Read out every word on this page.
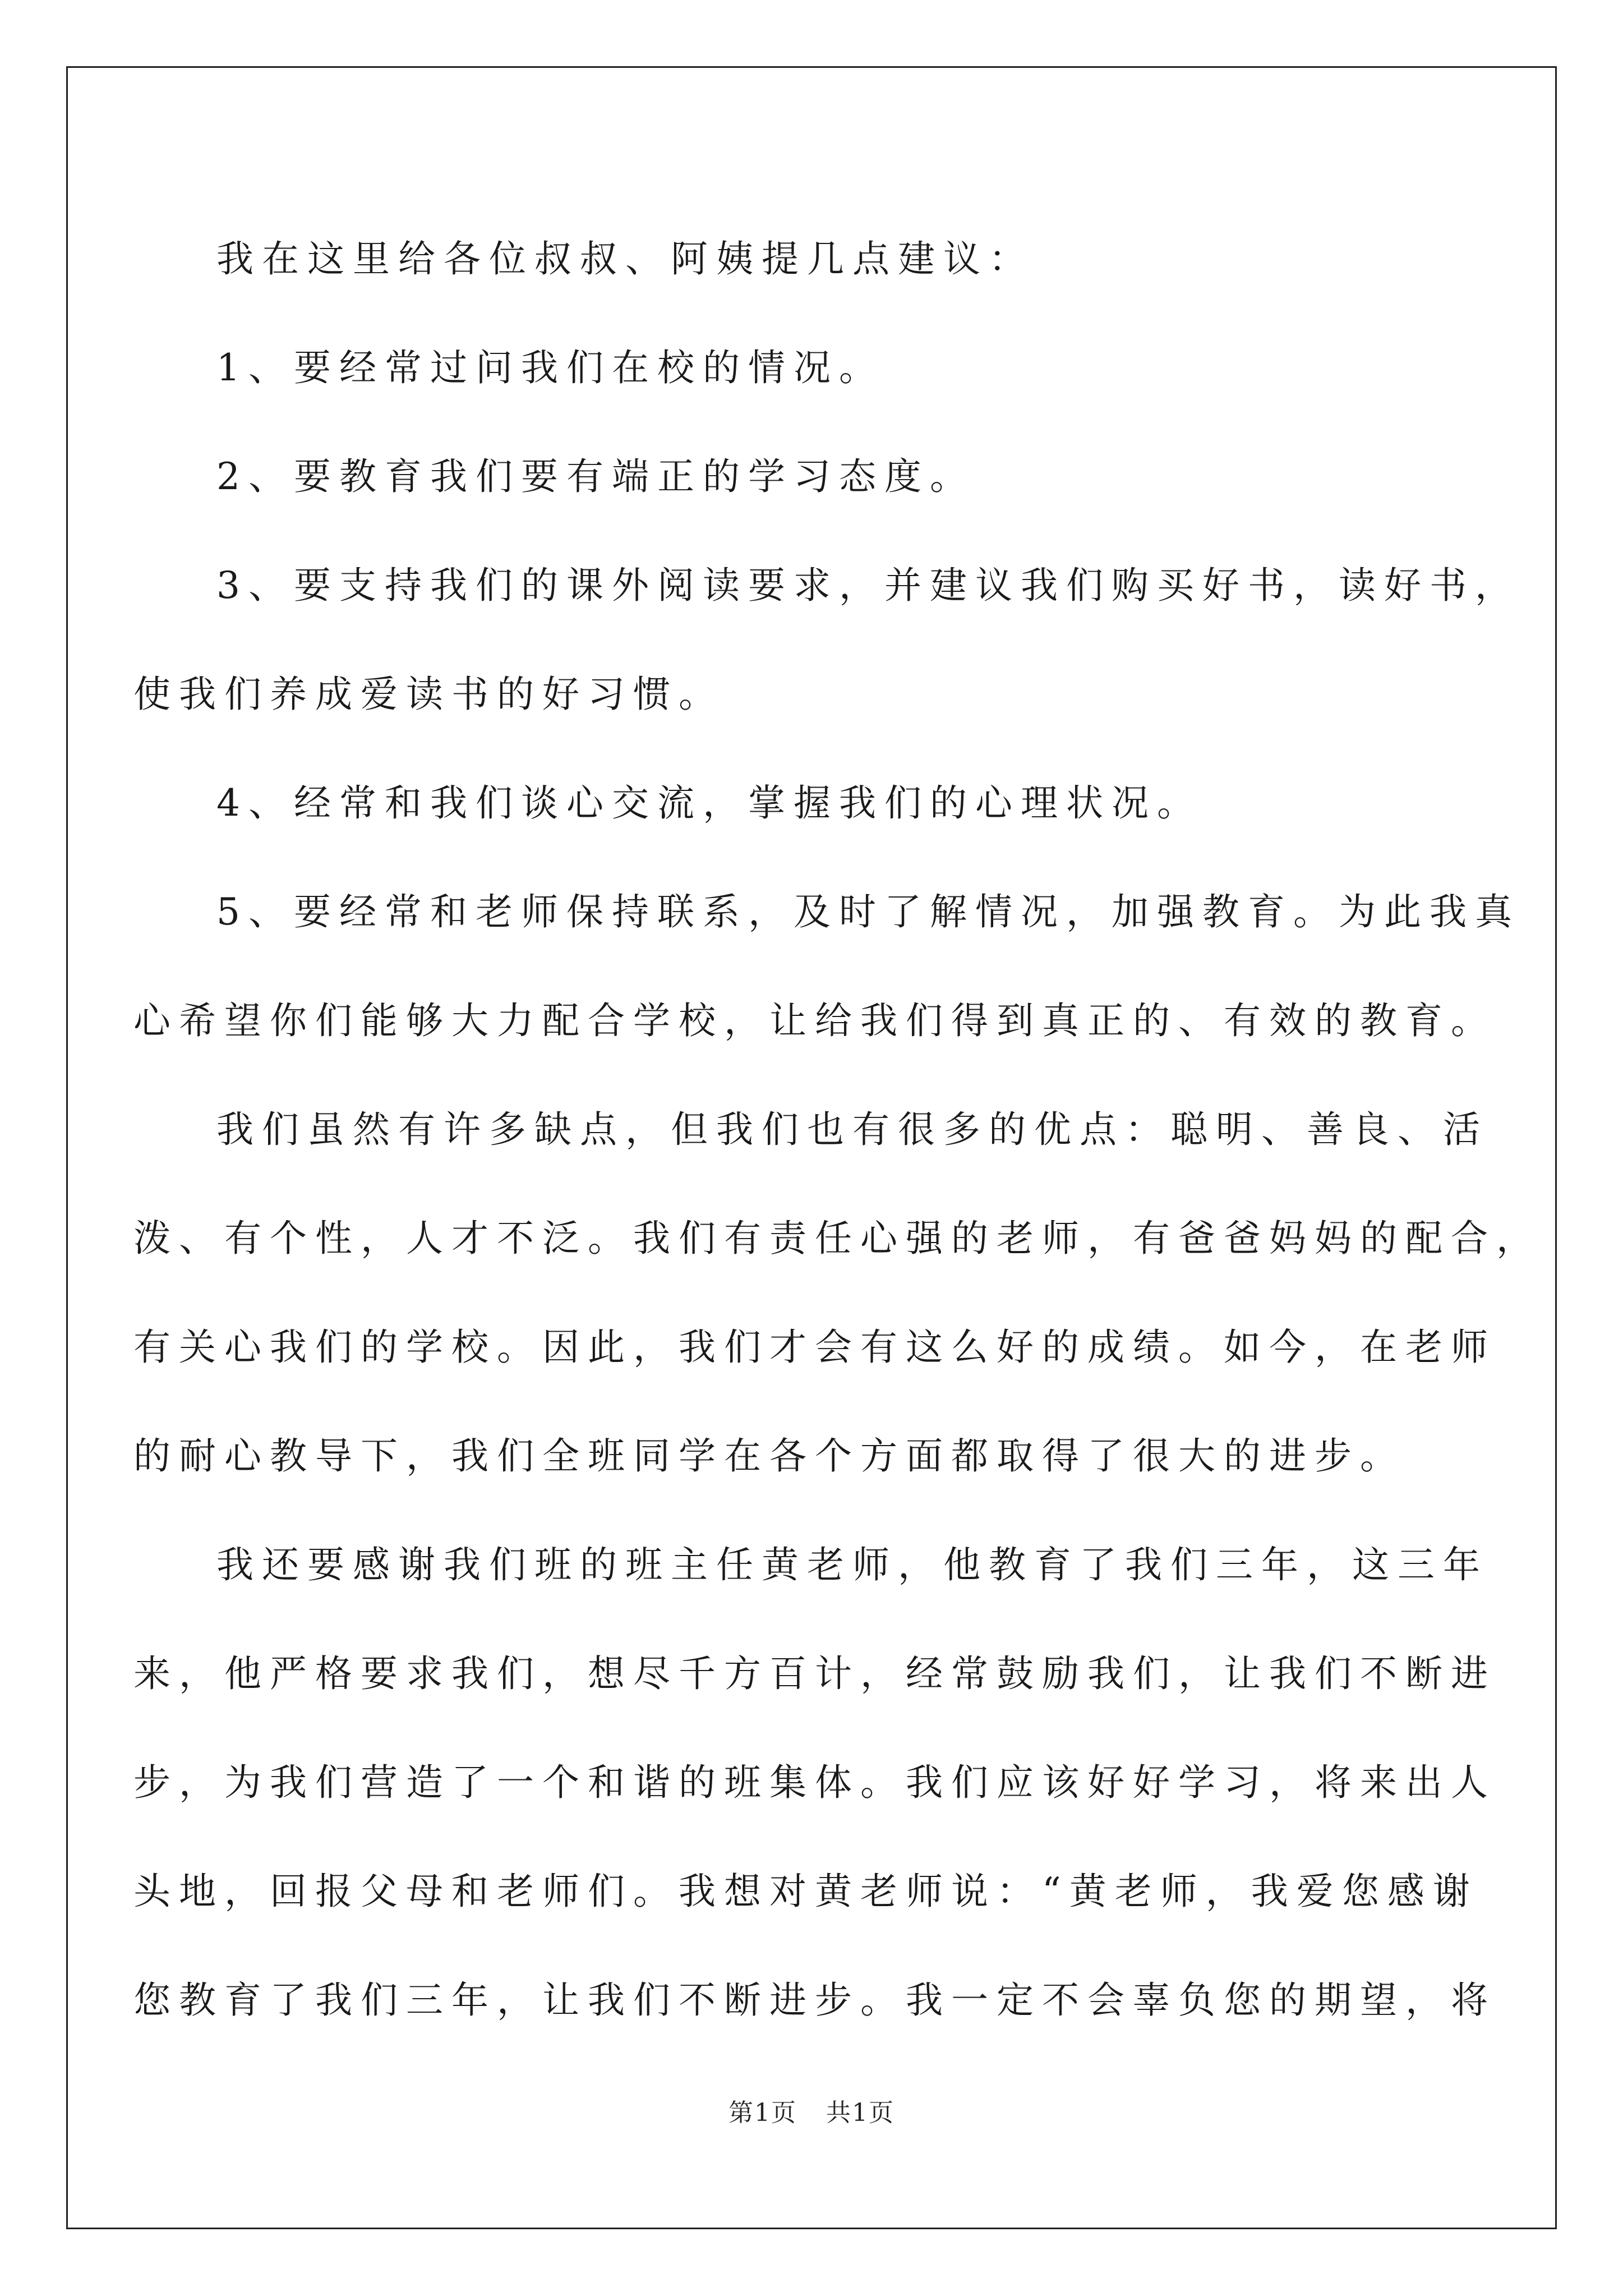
我在这里给各位叔叔、阿姨提几点建议：
1、要经常过问我们在校的情况。
2、要教育我们要有端正的学习态度。
3、要支持我们的课外阅读要求，并建议我们购买好书，读好书，
使我们养成爱读书的好习惯。
4、经常和我们谈心交流，掌握我们的心理状况。
5、要经常和老师保持联系，及时了解情况，加强教育。为此我真
心希望你们能够大力配合学校，让给我们得到真正的、有效的教育。
我们虽然有许多缺点，但我们也有很多的优点：聪明、善良、活
泼、有个性，人才不泛。我们有责任心强的老师，有爸爸妈妈的配合，
有关心我们的学校。因此，我们才会有这么好的成绩。如今，在老师
的耐心教导下，我们全班同学在各个方面都取得了很大的进步。
我还要感谢我们班的班主任黄老师，他教育了我们三年，这三年
来，他严格要求我们，想尽千方百计，经常鼓励我们，让我们不断进
步，为我们营造了一个和谐的班集体。我们应该好好学习，将来出人
头地，回报父母和老师们。我想对黄老师说：“黄老师，我爱您感谢
您教育了我们三年，让我们不断进步。我一定不会辜负您的期望，将
第1页 共1页
